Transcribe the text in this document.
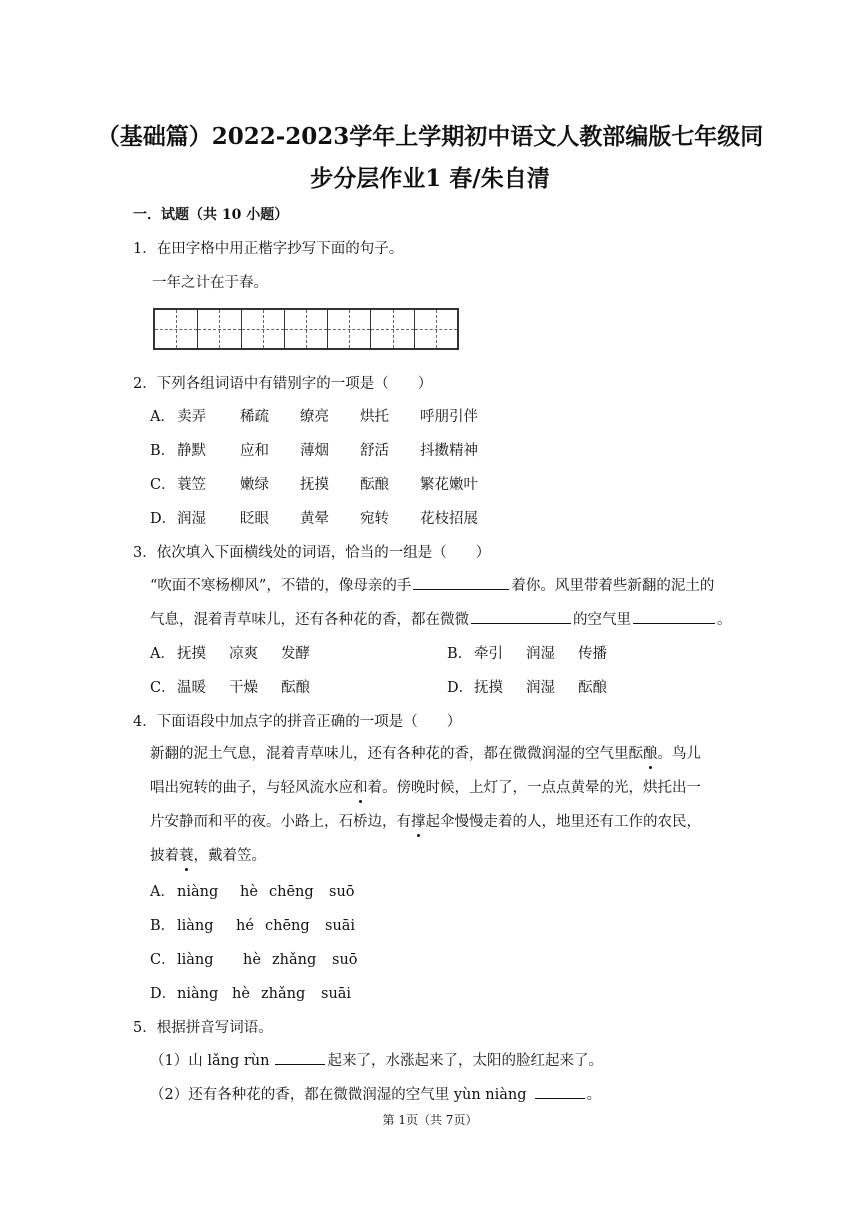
（基础篇）2022-2023学年上学期初中语文人教部编版七年级同
步分层作业1 春/朱自清
一．试题（共 10 小题）
1．在田字格中用正楷字抄写下面的句子。
一年之计在于春。
2．下列各组词语中有错别字的一项是（　　）
A． 卖弄 稀疏 缭亮 烘托 呼朋引伴
B． 静默 应和 薄烟 舒活 抖擞精神
C．蓑笠 嫩绿 抚摸 酝酿 繁花嫩叶
D．润湿 眨眼 黄晕 宛转 花枝招展
3．依次填入下面横线处的词语，恰当的一组是（　　）
“吹面不寒杨柳风”，不错的，像母亲的手	着你。风里带着些新翻的泥土的
气息，混着青草味儿，还有各种花的香，都在微微	的空气里	。
A． 抚摸 凉爽 发酵	B． 牵引 润湿 传播
C．温暖 干燥 酝酿	D．抚摸 润湿 酝酿
4．下面语段中加点字的拼音正确的一项是（　　）
新翻的泥土气息，混着青草味儿，还有各种花的香，都在微微润湿的空气里酝酿。鸟儿
唱出宛转的曲子，与轻风流水应和着。傍晚时候，上灯了，一点点黄晕的光，烘托出一
片安静而和平的夜。小路上，石桥边，有撑起伞慢慢走着的人，地里还有工作的农民，
披着蓑，戴着笠。
A． niàng hè chēng suō
B． liàng hé chēng suāi
C．liàng hè zhǎng suō
D．niàng hè zhǎng suāi
5．根据拼音写词语。
（1）山 lǎng rùn	起来了，水涨起来了，太阳的脸红起来了。
（2）还有各种花的香，都在微微润湿的空气里 yùn niàng	。
第 1页（共 7页）
